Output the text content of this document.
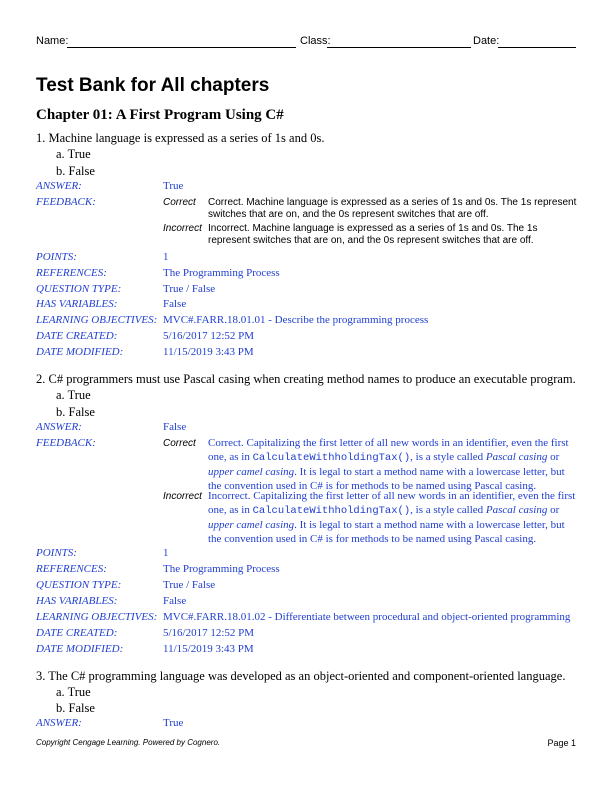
Name:	Class:	Date:
Test Bank for All chapters
Chapter 01: A First Program Using C#
1. Machine language is expressed as a series of 1s and 0s.
a. True
b. False
ANSWER:	True
FEEDBACK:	Correct Correct. Machine language is expressed as a series of 1s and 0s. The 1s represent switches that are on, and the 0s represent switches that are off.
Incorrect Incorrect. Machine language is expressed as a series of 1s and 0s. The 1s represent switches that are on, and the 0s represent switches that are off.
POINTS:	1
REFERENCES:	The Programming Process
QUESTION TYPE:	True / False
HAS VARIABLES:	False
LEARNING OBJECTIVES: MVC#.FARR.18.01.01 - Describe the programming process
DATE CREATED:	5/16/2017 12:52 PM
DATE MODIFIED:	11/15/2019 3:43 PM
2. C# programmers must use Pascal casing when creating method names to produce an executable program.
a. True
b. False
ANSWER:	False
FEEDBACK:	Correct Correct. Capitalizing the first letter of all new words in an identifier, even the first one, as in CalculateWithholdingTax(), is a style called Pascal casing or upper camel casing. It is legal to start a method name with a lowercase letter, but the convention used in C# is for methods to be named using Pascal casing.
Incorrect Incorrect. Capitalizing the first letter of all new words in an identifier, even the first one, as in CalculateWithholdingTax(), is a style called Pascal casing or upper camel casing. It is legal to start a method name with a lowercase letter, but the convention used in C# is for methods to be named using Pascal casing.
POINTS:	1
REFERENCES:	The Programming Process
QUESTION TYPE:	True / False
HAS VARIABLES:	False
LEARNING OBJECTIVES: MVC#.FARR.18.01.02 - Differentiate between procedural and object-oriented programming
DATE CREATED:	5/16/2017 12:52 PM
DATE MODIFIED:	11/15/2019 3:43 PM
3. The C# programming language was developed as an object-oriented and component-oriented language.
a. True
b. False
ANSWER:	True
Copyright Cengage Learning. Powered by Cognero.	Page 1
